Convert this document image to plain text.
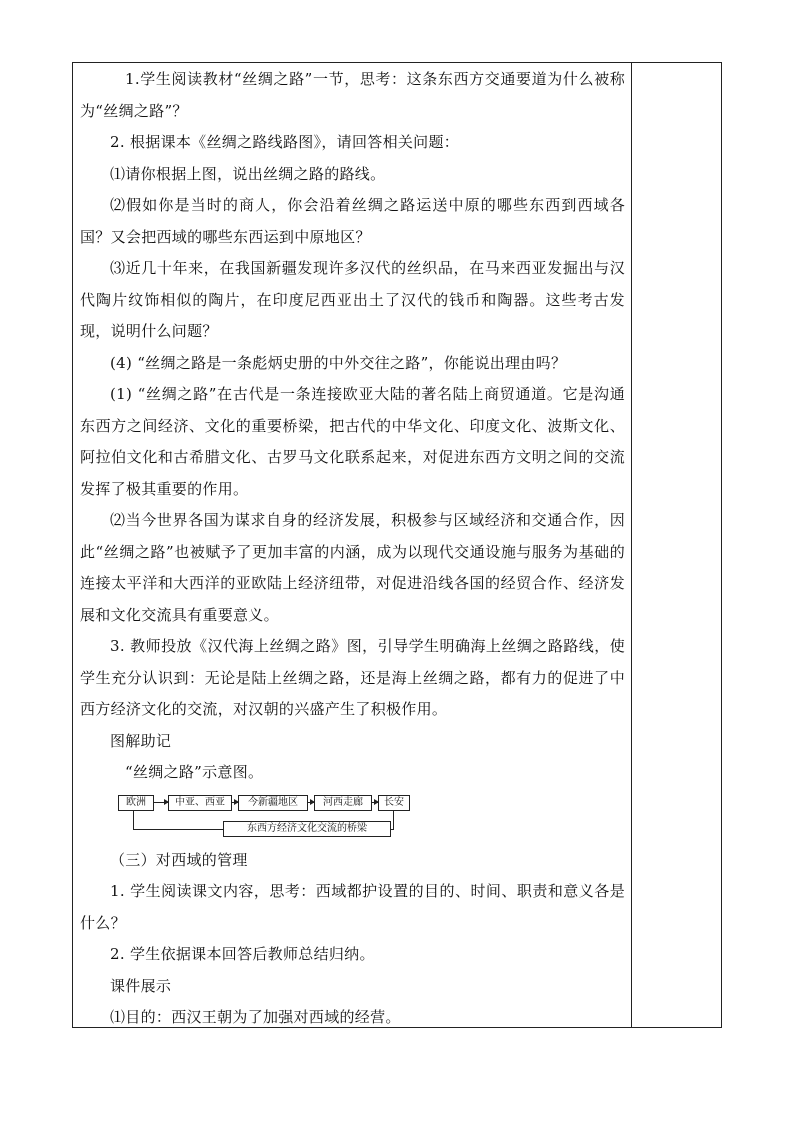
1.学生阅读教材“丝绸之路”一节，思考：这条东西方交通要道为什么被称为“丝绸之路”？

2. 根据课本《丝绸之路线路图》，请回答相关问题：

⑴请你根据上图，说出丝绸之路的路线。

⑵假如你是当时的商人，你会沿着丝绸之路运送中原的哪些东西到西域各国？又会把西域的哪些东西运到中原地区？

⑶近几十年来，在我国新疆发现许多汉代的丝织品，在马来西亚发掘出与汉代陶片纹饰相似的陶片，在印度尼西亚出土了汉代的钱币和陶器。这些考古发现，说明什么问题？

(4) “丝绸之路是一条彪炳史册的中外交往之路”，你能说出理由吗？

(1) “丝绸之路”在古代是一条连接欧亚大陆的著名陆上商贸通道。它是沟通东西方之间经济、文化的重要桥梁，把古代的中华文化、印度文化、波斯文化、阿拉伯文化和古希腊文化、古罗马文化联系起来，对促进东西方文明之间的交流发挥了极其重要的作用。

⑵当今世界各国为谋求自身的经济发展，积极参与区域经济和交通合作，因此“丝绸之路”也被赋予了更加丰富的内涵，成为以现代交通设施与服务为基础的连接太平洋和大西洋的亚欧陆上经济纽带，对促进沿线各国的经贸合作、经济发展和文化交流具有重要意义。

3. 教师投放《汉代海上丝绸之路》图，引导学生明确海上丝绸之路路线，使学生充分认识到：无论是陆上丝绸之路，还是海上丝绸之路，都有力的促进了中西方经济文化的交流，对汉朝的兴盛产生了积极作用。

图解助记

“丝绸之路”示意图。

欧洲	中亚、西亚	今新疆地区	河西走廊	长安
东西方经济文化交流的桥梁

（三）对西域的管理

1. 学生阅读课文内容，思考：西域都护设置的目的、时间、职责和意义各是什么？

2. 学生依据课本回答后教师总结归纳。

课件展示

⑴目的：西汉王朝为了加强对西域的经营。
